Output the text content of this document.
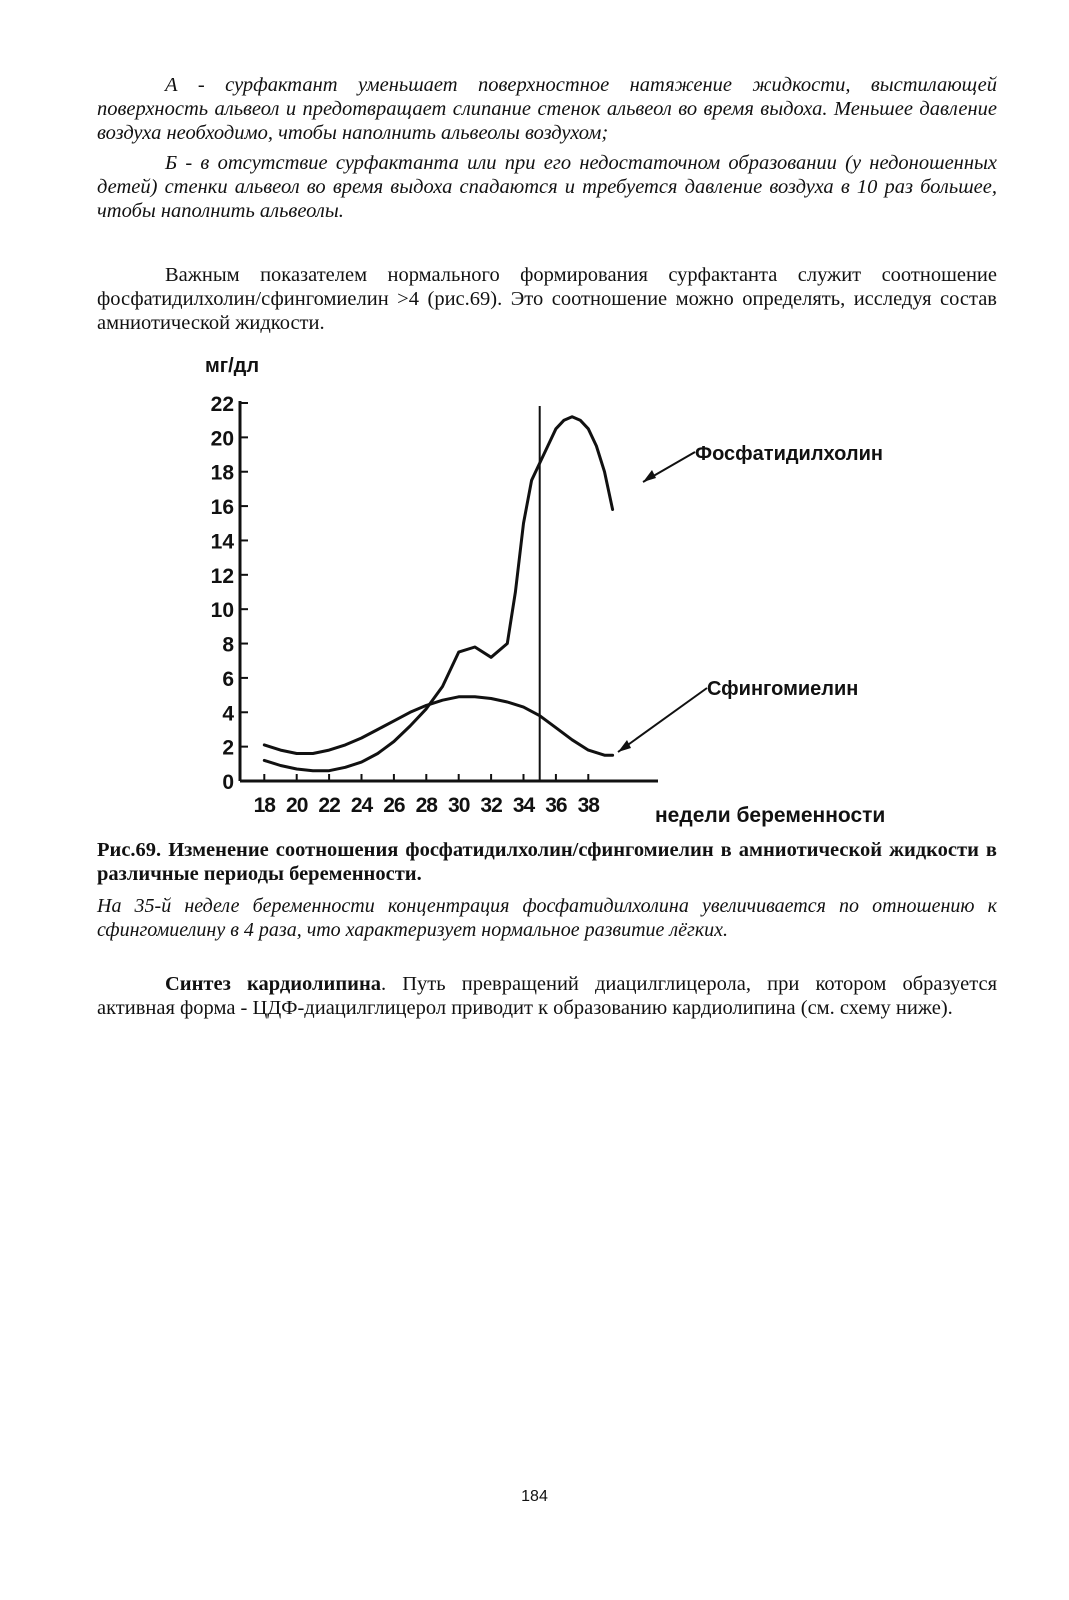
А - сурфактант уменьшает поверхностное натяжение жидкости, выстилающей поверхность альвеол и предотвращает слипание стенок альвеол во время выдоха. Меньшее давление воздуха необходимо, чтобы наполнить альвеолы воздухом;

Б - в отсутствие сурфактанта или при его недостаточном образовании (у недоношенных детей) стенки альвеол во время выдоха спадаются и требуется давление воздуха в 10 раз большее, чтобы наполнить альвеолы.

Важным показателем нормального формирования сурфактанта служит соотношение фосфатидилхолин/сфингомиелин >4 (рис.69). Это соотношение можно определять, исследуя состав амниотической жидкости.

0
2
4
6
8
10
12
14
16
18
20
22
18 20 22 24 26 28 30 32 34 36 38
мг/дл
недели беременности
Фосфатидилхолин
Сфингомиелин

Рис.69. Изменение соотношения фосфатидилхолин/сфингомиелин в амниотической жидкости в различные периоды беременности.

На 35-й неделе беременности концентрация фосфатидилхолина увеличивается по отношению к сфингомиелину в 4 раза, что характеризует нормальное развитие лёгких.

Синтез кардиолипина. Путь превращений диацилглицерола, при котором образуется активная форма - ЦДФ-диацилглицерол приводит к образованию кардиолипина (см. схему ниже).

184
